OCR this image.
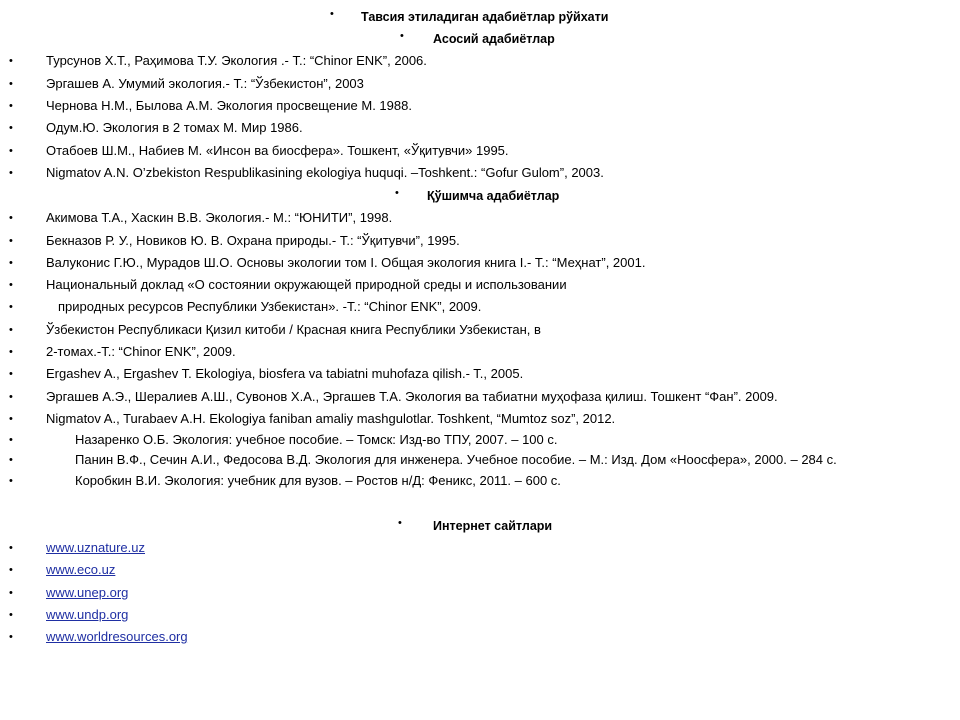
• Тавсия этиладиган адабиётлар рўйхати
• Асосий адабиётлар
•	Турсунов Х.Т., Раҳимова Т.У. Экология .- Т.: “Chinor ENK”, 2006.
•	Эргашев А. Умумий экология.- Т.: “Ўзбекистон”, 2003
•	Чернова Н.М., Былова А.М. Экология просвещение М. 1988.
•	Одум.Ю. Экология в 2 томах М. Мир 1986.
•	Отабоев Ш.М., Набиев М. «Инсон ва биосфера». Тошкент, «Ўқитувчи» 1995.
•	Nigmatov A.N. O’zbekiston Respublikasining ekologiya huquqi. –Toshkent.: “Gofur Gulom”, 2003.
• Қўшимча адабиётлар
•	Акимова Т.А., Хаскин В.В. Экология.- М.: “ЮНИТИ”, 1998.
•	Бекназов Р. У., Новиков Ю. В. Охрана природы.- Т.: “Ўқитувчи”, 1995.
•	Валуконис Г.Ю., Мурадов Ш.О. Основы экологии том I. Общая экология книга I.- Т.: “Меҳнат”, 2001.
•	Национальный доклад «О состоянии окружающей природной среды и использовании
•	природных ресурсов Республики Узбекистан». -Т.: “Chinor ENK”, 2009.
•	Ўзбекистон Республикаси Қизил китоби / Красная книга Республики Узбекистан, в
•	2-томах.-Т.: “Chinor ENK”, 2009.
•	Ergashev A., Ergashev T. Ekologiya, biosfera va tabiatni muhofaza qilish.- T., 2005.
•	Эргашев А.Э., Шералиев А.Ш., Сувонов Х.А., Эргашев Т.А. Экология ва табиатни муҳофаза қилиш. Тошкент “Фан”. 2009.
•	Nigmatov A., Turabaev A.H. Ekologiya faniban amaliy mashgulotlar. Toshkent, “Mumtoz soz”, 2012.
•	Назаренко О.Б. Экология: учебное пособие. – Томск: Изд-во ТПУ, 2007. – 100 с.
•	Панин В.Ф., Сечин А.И., Федосова В.Д. Экология для инженера. Учебное пособие. – М.: Изд. Дом «Ноосфера», 2000. – 284 с.
•	Коробкин В.И. Экология: учебник для вузов. – Ростов н/Д: Феникс, 2011. – 600 с.
• Интернет сайтлари
•	www.uznature.uz
•	www.eco.uz
•	www.unep.org
•	www.undp.org
•	www.worldresources.org
